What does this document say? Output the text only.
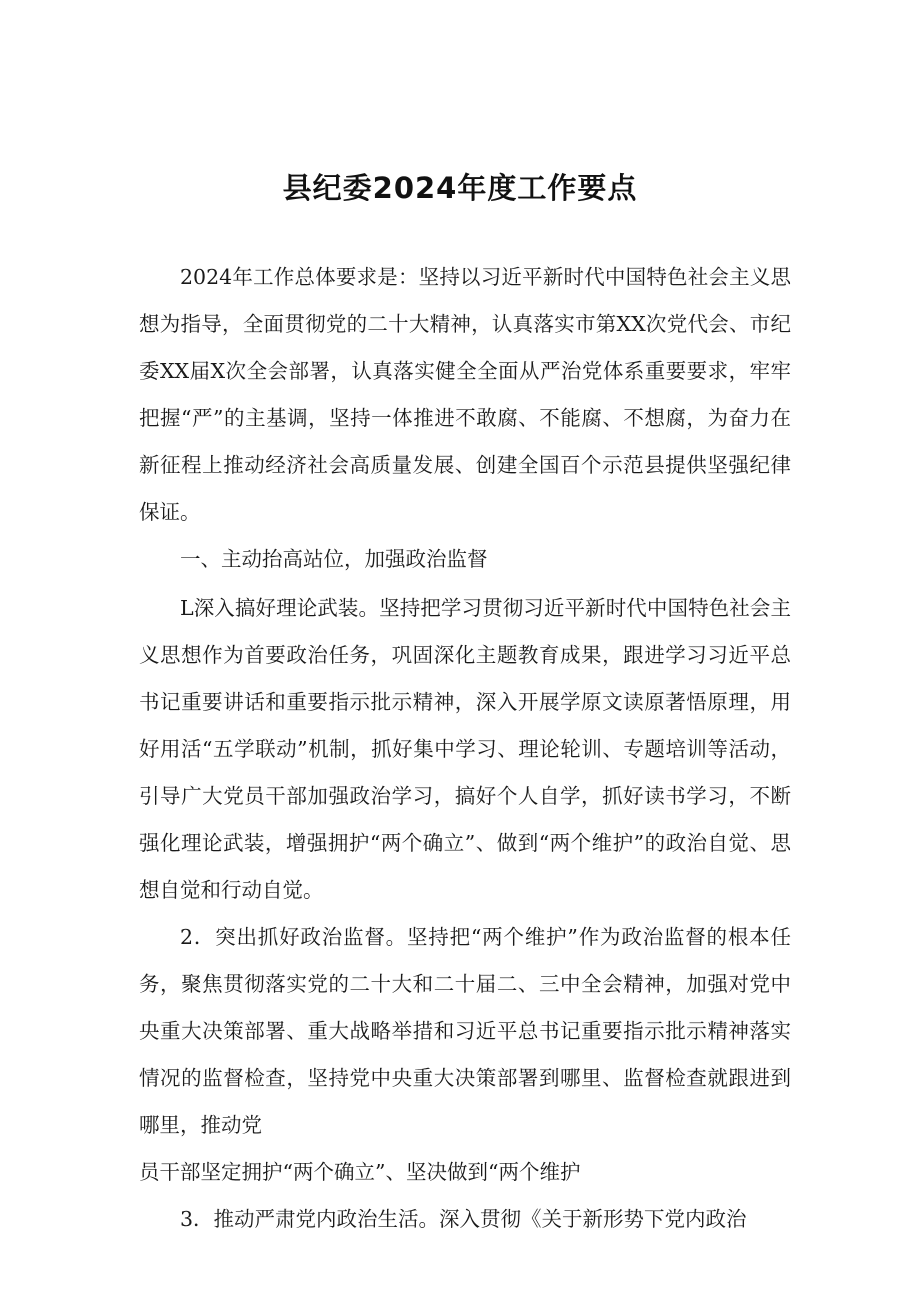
县纪委2024年度工作要点

2024年工作总体要求是：坚持以习近平新时代中国特色社会主义思想为指导，全面贯彻党的二十大精神，认真落实市第XX次党代会、市纪委XX届X次全会部署，认真落实健全全面从严治党体系重要要求，牢牢把握“严”的主基调，坚持一体推进不敢腐、不能腐、不想腐，为奋力在新征程上推动经济社会高质量发展、创建全国百个示范县提供坚强纪律保证。

一、主动抬高站位，加强政治监督

L深入搞好理论武装。坚持把学习贯彻习近平新时代中国特色社会主义思想作为首要政治任务，巩固深化主题教育成果，跟进学习习近平总书记重要讲话和重要指示批示精神，深入开展学原文读原著悟原理，用好用活“五学联动”机制，抓好集中学习、理论轮训、专题培训等活动，引导广大党员干部加强政治学习，搞好个人自学，抓好读书学习，不断强化理论武装，增强拥护“两个确立”、做到“两个维护”的政治自觉、思想自觉和行动自觉。

2．突出抓好政治监督。坚持把“两个维护”作为政治监督的根本任务，聚焦贯彻落实党的二十大和二十届二、三中全会精神，加强对党中央重大决策部署、重大战略举措和习近平总书记重要指示批示精神落实情况的监督检查，坚持党中央重大决策部署到哪里、监督检查就跟进到哪里，推动党

员干部坚定拥护“两个确立”、坚决做到“两个维护

3．推动严肃党内政治生活。深入贯彻《关于新形势下党内政治
